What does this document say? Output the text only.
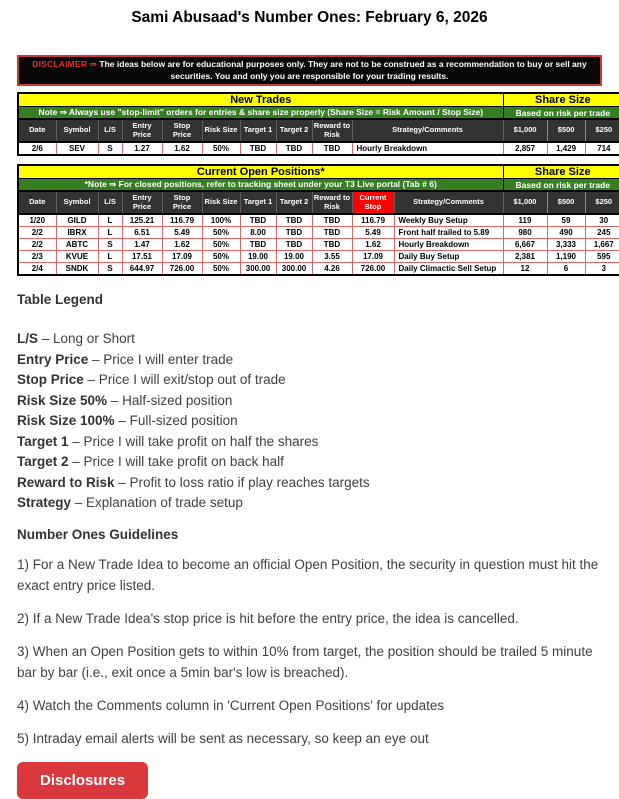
Sami Abusaad's Number Ones: February 6, 2026
DISCLAIMER ⇒ The ideas below are for educational purposes only. They are not to be construed as a recommendation to buy or sell any securities. You and only you are responsible for your trading results.
New Trades										Share Size		
Note ⇒ Always use "stop-limit" orders for entries & share size properly (Share Size = Risk Amount / Stop Size)										Based on risk per trade		
Date	Symbol	L/S	Entry Price	Stop Price	Risk Size	Target 1	Target 2	Reward to Risk	Strategy/Comments	$1,000	$500	$250
2/6	SEV	S	1.27	1.62	50%	TBD	TBD	TBD	Hourly Breakdown	2,857	1,429	714
Current Open Positions*											Share Size		
*Note ⇒ For closed positions, refer to tracking sheet under your T3 Live portal (Tab # 6)											Based on risk per trade		
Date	Symbol	L/S	Entry Price	Stop Price	Risk Size	Target 1	Target 2	Reward to Risk	Current Stop	Strategy/Comments	$1,000	$500	$250
1/20	GILD	L	125.21	116.79	100%	TBD	TBD	TBD	116.79	Weekly Buy Setup	119	59	30
2/2	IBRX	L	6.51	5.49	50%	8.00	TBD	TBD	5.49	Front half trailed to 5.89	980	490	245
2/2	ABTC	S	1.47	1.62	50%	TBD	TBD	TBD	1.62	Hourly Breakdown	6,667	3,333	1,667
2/3	KVUE	L	17.51	17.09	50%	19.00	19.00	3.55	17.09	Daily Buy Setup	2,381	1,190	595
2/4	SNDK	S	644.97	726.00	50%	300.00	300.00	4.26	726.00	Daily Climactic Sell Setup	12	6	3
Table Legend
L/S – Long or Short
Entry Price – Price I will enter trade
Stop Price – Price I will exit/stop out of trade
Risk Size 50% – Half-sized position
Risk Size 100% – Full-sized position
Target 1 – Price I will take profit on half the shares
Target 2 – Price I will take profit on back half
Reward to Risk – Profit to loss ratio if play reaches targets
Strategy – Explanation of trade setup
Number Ones Guidelines

1) For a New Trade Idea to become an official Open Position, the security in question must hit the exact entry price listed.

2) If a New Trade Idea's stop price is hit before the entry price, the idea is cancelled.

3) When an Open Position gets to within 10% from target, the position should be trailed 5 minute bar by bar (i.e., exit once a 5min bar's low is breached).

4) Watch the Comments column in 'Current Open Positions' for updates

5) Intraday email alerts will be sent as necessary, so keep an eye out

Disclosures
